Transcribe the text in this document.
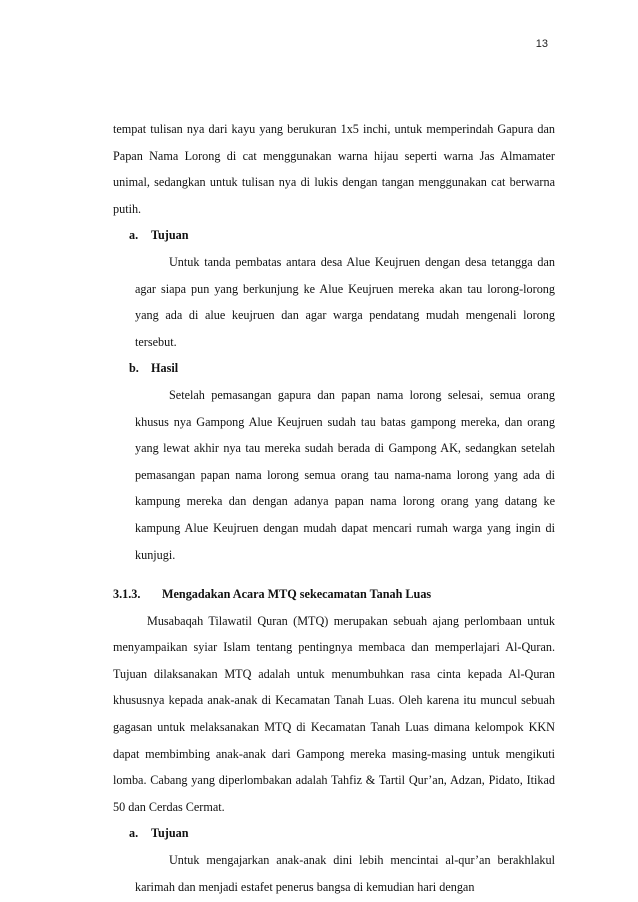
13

tempat tulisan nya dari kayu yang berukuran 1x5 inchi, untuk memperindah Gapura dan Papan Nama Lorong di cat menggunakan warna hijau seperti warna Jas Almamater unimal, sedangkan untuk tulisan nya di lukis dengan tangan menggunakan cat berwarna putih.

a.	Tujuan

Untuk tanda pembatas antara desa Alue Keujruen dengan desa tetangga dan agar siapa pun yang berkunjung ke Alue Keujruen mereka akan tau lorong-lorong yang ada di alue keujruen dan agar warga pendatang mudah mengenali lorong tersebut.

b. Hasil

Setelah pemasangan gapura dan papan nama lorong selesai, semua orang khusus nya Gampong Alue Keujruen sudah tau batas gampong mereka, dan orang yang lewat akhir nya tau mereka sudah berada di Gampong AK, sedangkan setelah pemasangan papan nama lorong semua orang tau nama-nama lorong yang ada di kampung mereka dan dengan adanya papan nama lorong orang yang datang ke kampung Alue Keujruen dengan mudah dapat mencari rumah warga yang ingin di kunjugi.

3.1.3.	Mengadakan Acara MTQ sekecamatan Tanah Luas

Musabaqah Tilawatil Quran (MTQ) merupakan sebuah ajang perlombaan untuk menyampaikan syiar Islam tentang pentingnya membaca dan memperlajari Al-Quran. Tujuan dilaksanakan MTQ adalah untuk menumbuhkan rasa cinta kepada Al-Quran khususnya kepada anak-anak di Kecamatan Tanah Luas. Oleh karena itu muncul sebuah gagasan untuk melaksanakan MTQ di Kecamatan Tanah Luas dimana kelompok KKN dapat membimbing anak-anak dari Gampong mereka masing-masing untuk mengikuti lomba. Cabang yang diperlombakan adalah Tahfiz & Tartil Qur’an, Adzan, Pidato, Itikad 50 dan Cerdas Cermat.

a.	Tujuan

Untuk mengajarkan anak-anak dini lebih mencintai al-qur’an berakhlakul karimah dan menjadi estafet penerus bangsa di kemudian hari dengan
